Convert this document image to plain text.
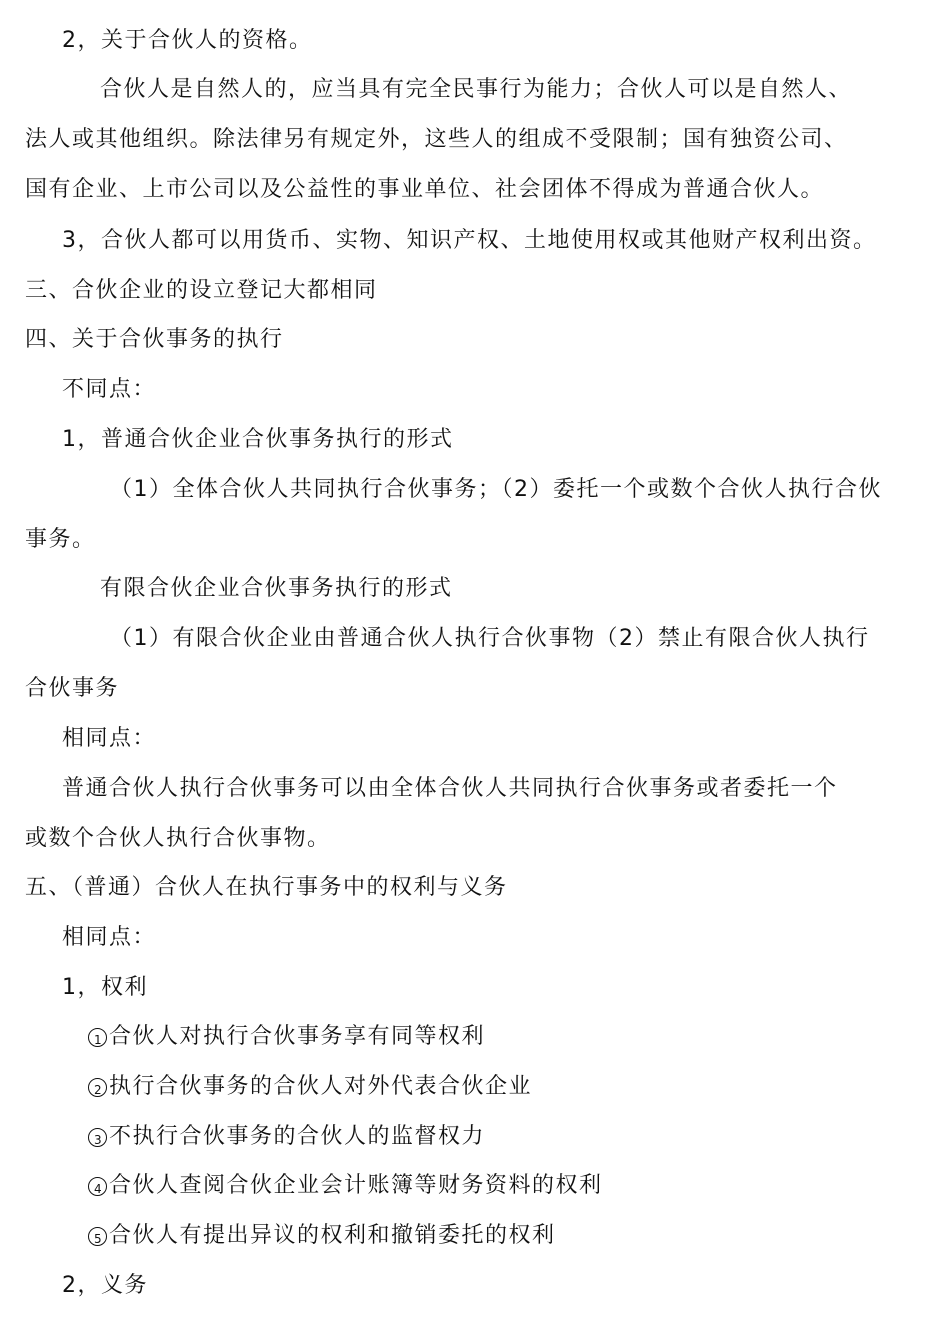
2，关于合伙人的资格。
合伙人是自然人的，应当具有完全民事行为能力；合伙人可以是自然人、
法人或其他组织。除法律另有规定外，这些人的组成不受限制；国有独资公司、
国有企业、上市公司以及公益性的事业单位、社会团体不得成为普通合伙人。
3，合伙人都可以用货币、实物、知识产权、土地使用权或其他财产权利出资。
三、合伙企业的设立登记大都相同
四、关于合伙事务的执行
不同点：
1，普通合伙企业合伙事务执行的形式
（1）全体合伙人共同执行合伙事务；（2）委托一个或数个合伙人执行合伙
事务。
有限合伙企业合伙事务执行的形式
（1）有限合伙企业由普通合伙人执行合伙事物（2）禁止有限合伙人执行
合伙事务
相同点：
普通合伙人执行合伙事务可以由全体合伙人共同执行合伙事务或者委托一个
或数个合伙人执行合伙事物。
五、（普通）合伙人在执行事务中的权利与义务
相同点：
1，权利
1 合伙人对执行合伙事务享有同等权利
2 执行合伙事务的合伙人对外代表合伙企业
3 不执行合伙事务的合伙人的监督权力
4 合伙人查阅合伙企业会计账簿等财务资料的权利
5 合伙人有提出异议的权利和撤销委托的权利
2，义务
